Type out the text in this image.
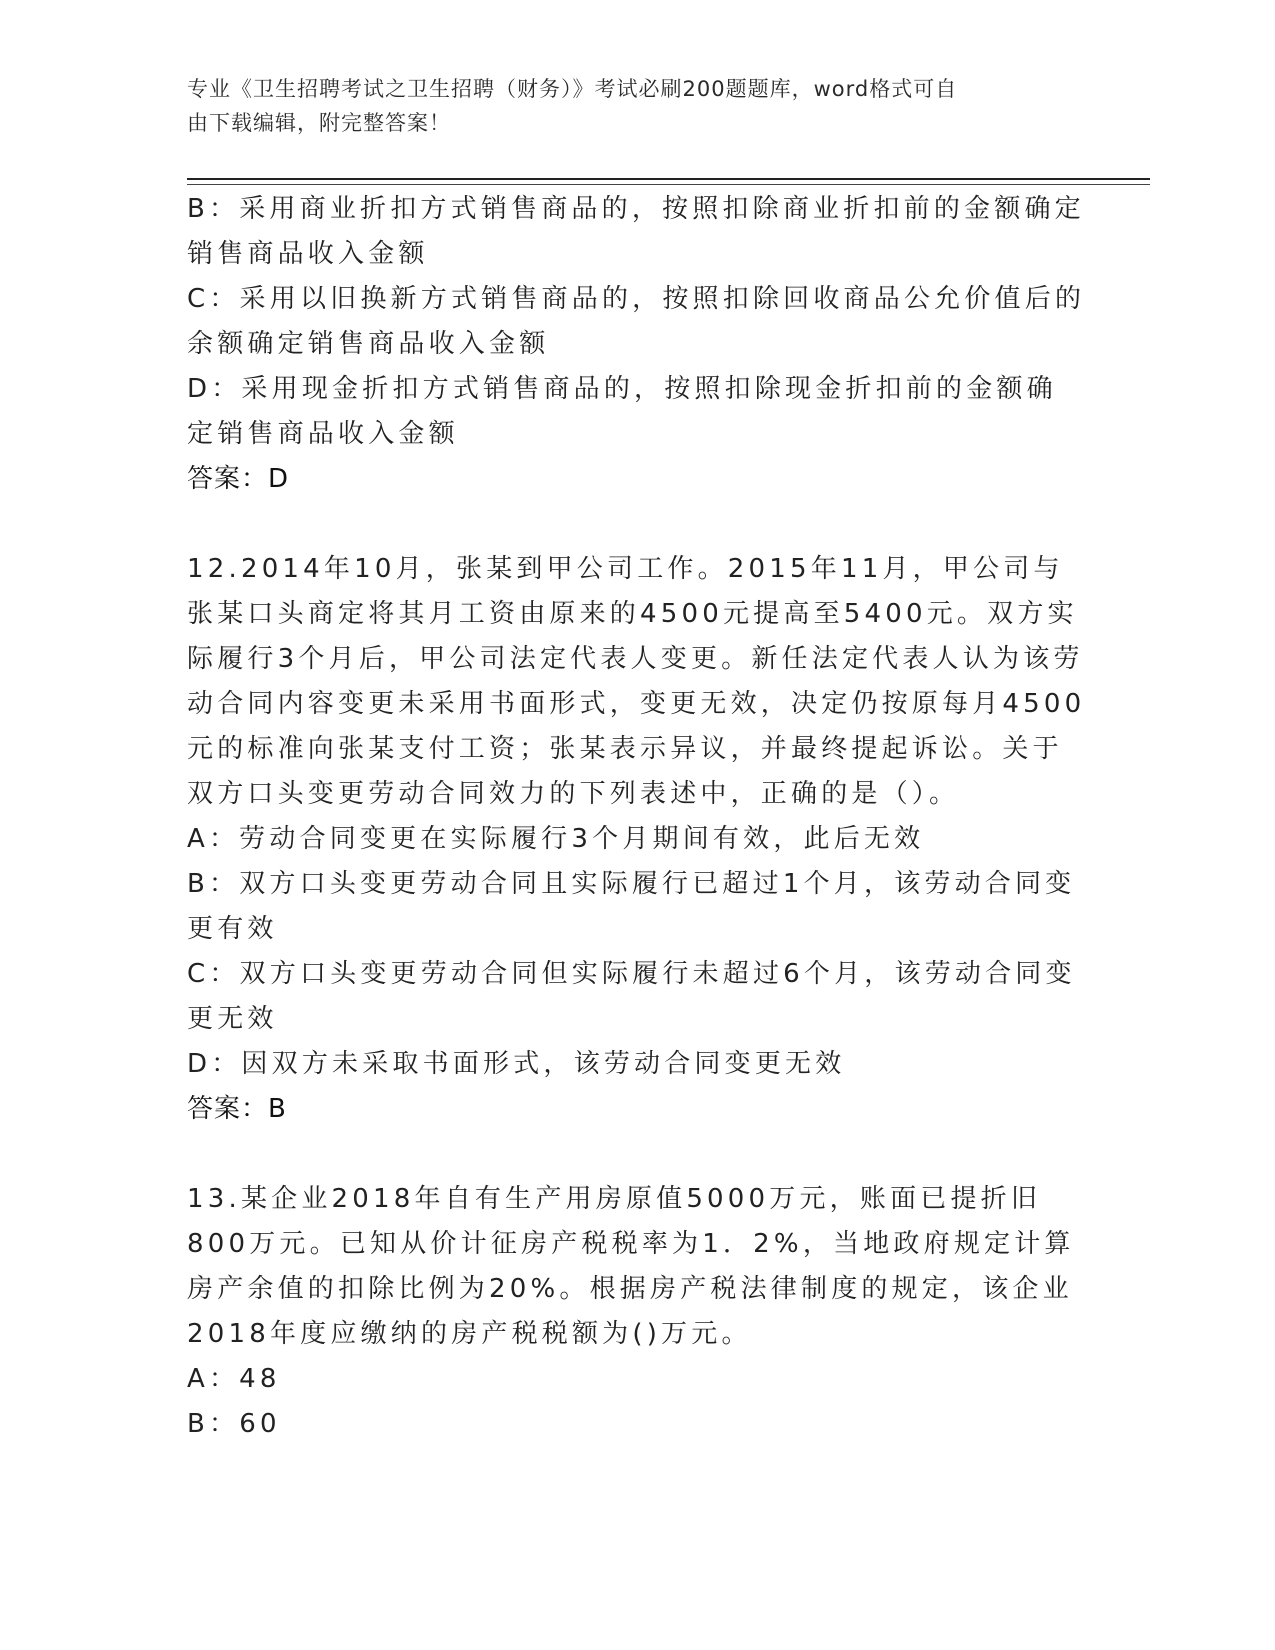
专业《卫生招聘考试之卫生招聘（财务）》考试必刷200题题库，word格式可自
由下载编辑，附完整答案！

B：采用商业折扣方式销售商品的，按照扣除商业折扣前的金额确定销售商品收入金额

C：采用以旧换新方式销售商品的，按照扣除回收商品公允价值后的余额确定销售商品收入金额

D：采用现金折扣方式销售商品的，按照扣除现金折扣前的金额确定销售商品收入金额

答案：D

12.2014年10月，张某到甲公司工作。2015年11月，甲公司与张某口头商定将其月工资由原来的4500元提高至5400元。双方实际履行3个月后，甲公司法定代表人变更。新任法定代表人认为该劳动合同内容变更未采用书面形式，变更无效，决定仍按原每月4500元的标准向张某支付工资；张某表示异议，并最终提起诉讼。关于双方口头变更劳动合同效力的下列表述中，正确的是（）。

A：劳动合同变更在实际履行3个月期间有效，此后无效

B：双方口头变更劳动合同且实际履行已超过1个月，该劳动合同变更有效

C：双方口头变更劳动合同但实际履行未超过6个月，该劳动合同变更无效

D：因双方未采取书面形式，该劳动合同变更无效

答案：B

13.某企业2018年自有生产用房原值5000万元，账面已提折旧800万元。已知从价计征房产税税率为1．2%，当地政府规定计算房产余值的扣除比例为20%。根据房产税法律制度的规定，该企业2018年度应缴纳的房产税税额为()万元。

A：48

B：60
